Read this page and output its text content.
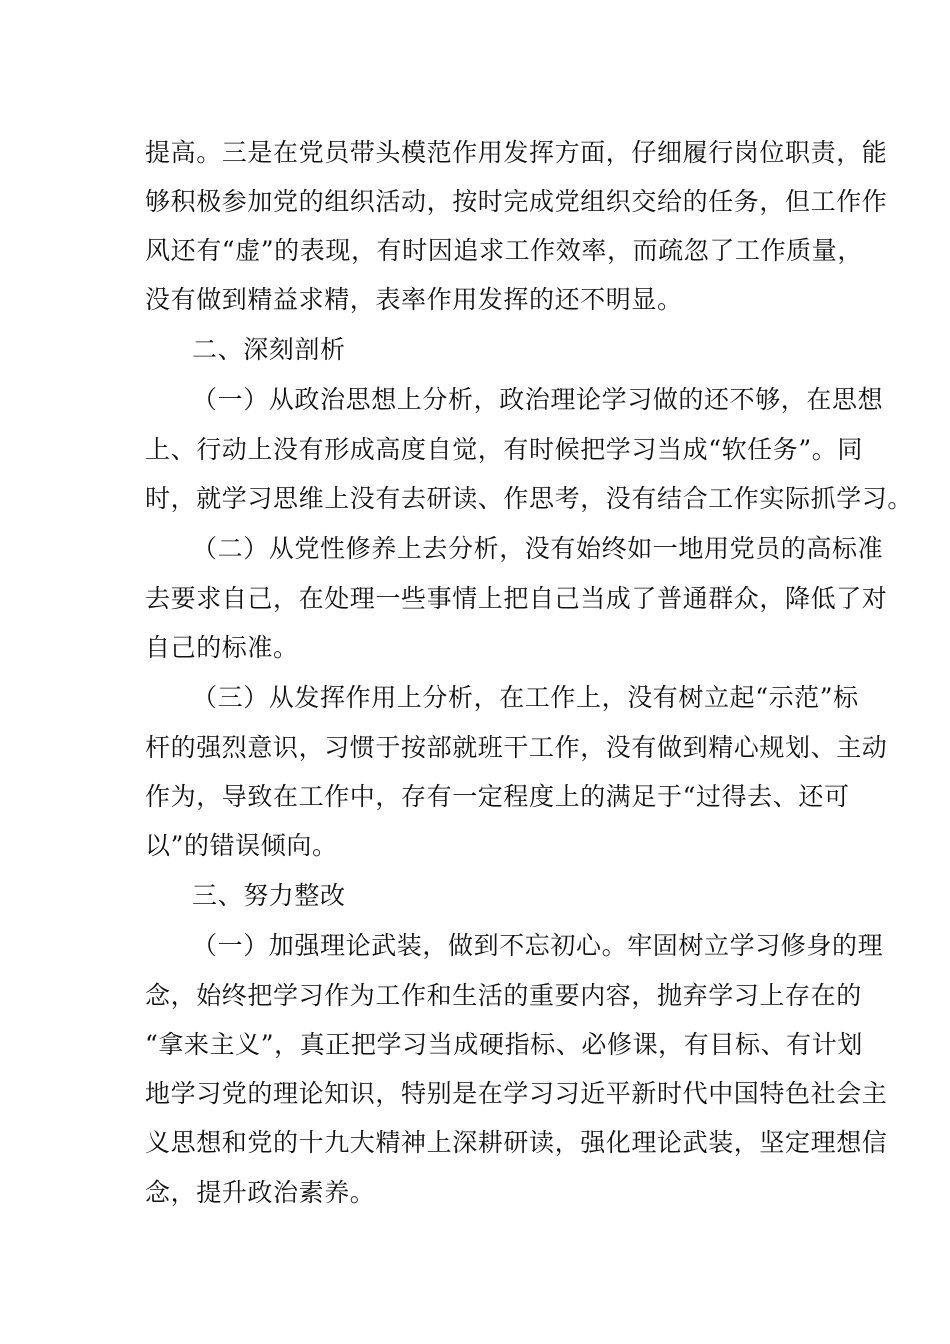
提高。三是在党员带头模范作用发挥方面，仔细履行岗位职责，能
够积极参加党的组织活动，按时完成党组织交给的任务，但工作作
风还有“虚”的表现，有时因追求工作效率，而疏忽了工作质量，
没有做到精益求精，表率作用发挥的还不明显。
二、深刻剖析
（一）从政治思想上分析，政治理论学习做的还不够，在思想
上、行动上没有形成高度自觉，有时候把学习当成“软任务”。同
时，就学习思维上没有去研读、作思考，没有结合工作实际抓学习。
（二）从党性修养上去分析，没有始终如一地用党员的高标准
去要求自己，在处理一些事情上把自己当成了普通群众，降低了对
自己的标准。
（三）从发挥作用上分析，在工作上，没有树立起“示范”标
杆的强烈意识，习惯于按部就班干工作，没有做到精心规划、主动
作为，导致在工作中，存有一定程度上的满足于“过得去、还可
以”的错误倾向。
三、努力整改
（一）加强理论武装，做到不忘初心。牢固树立学习修身的理
念，始终把学习作为工作和生活的重要内容，抛弃学习上存在的
“拿来主义”，真正把学习当成硬指标、必修课，有目标、有计划
地学习党的理论知识，特别是在学习习近平新时代中国特色社会主
义思想和党的十九大精神上深耕研读，强化理论武装，坚定理想信
念，提升政治素养。
